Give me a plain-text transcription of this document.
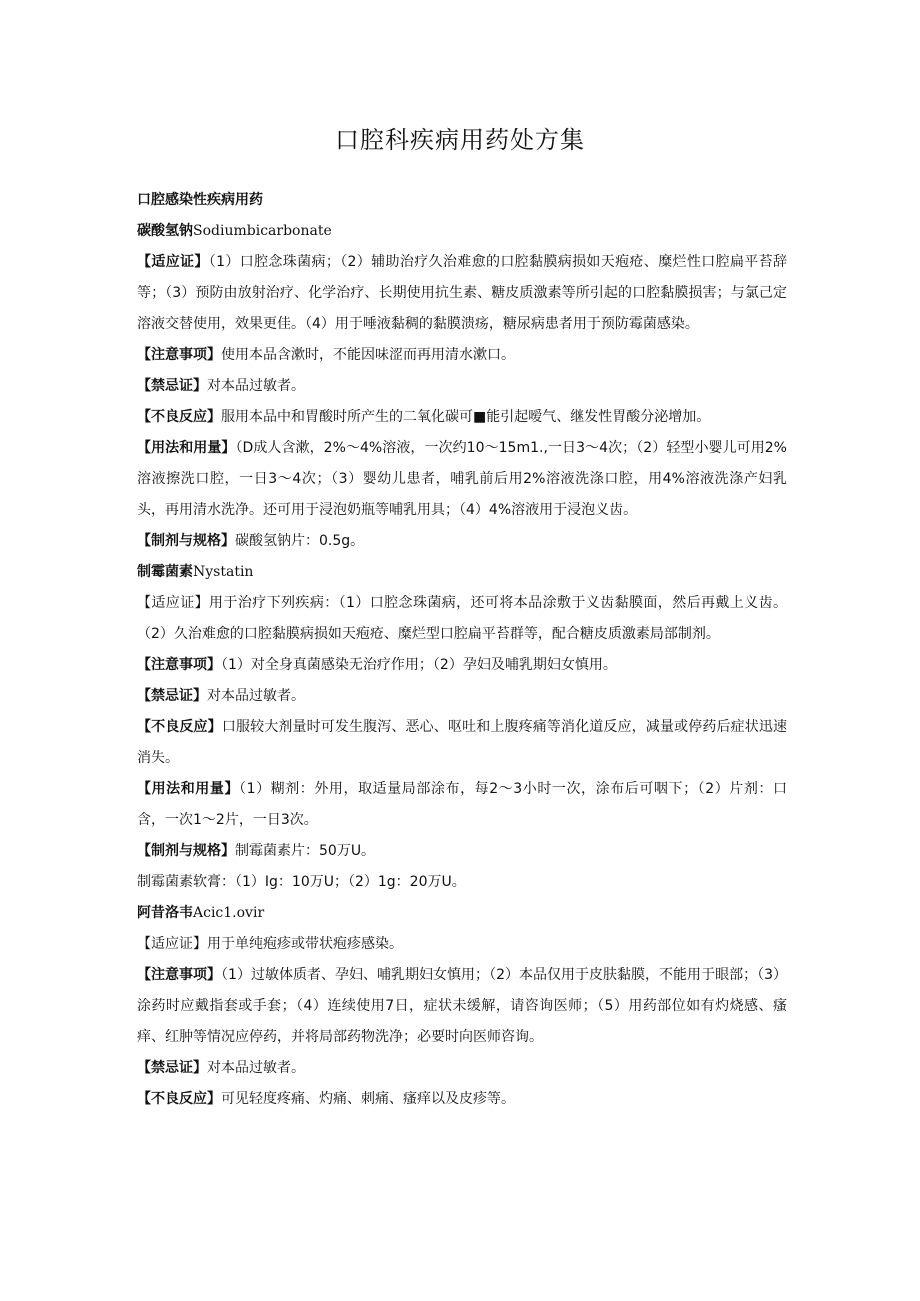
口腔科疾病用药处方集

口腔感染性疾病用药

碳酸氢钠Sodiumbicarbonate

【适应证】（1）口腔念珠菌病；（2）辅助治疗久治难愈的口腔黏膜病损如天疱疮、糜烂性口腔扁平苔辞等；（3）预防由放射治疗、化学治疗、长期使用抗生素、糖皮质激素等所引起的口腔黏膜损害；与氯己定溶液交替使用，效果更佳。（4）用于唾液黏稠的黏膜溃疡，糖尿病患者用于预防霉菌感染。

【注意事项】使用本品含漱时，不能因味涩而再用清水漱口。

【禁忌证】对本品过敏者。

【不良反应】服用本品中和胃酸时所产生的二氧化碳可■能引起嗳气、继发性胃酸分泌增加。

【用法和用量】（D成人含漱，2%～4%溶液，一次约10～15m1.,一日3～4次；（2）轻型小婴儿可用2%溶液擦洗口腔，一日3～4次；（3）婴幼儿患者，哺乳前后用2%溶液洗涤口腔，用4%溶液洗涤产妇乳头，再用清水洗净。还可用于浸泡奶瓶等哺乳用具；（4）4%溶液用于浸泡义齿。

【制剂与规格】碳酸氢钠片：0.5g。

制霉菌素Nystatin

【适应证】用于治疗下列疾病：（1）口腔念珠菌病，还可将本品涂敷于义齿黏膜面，然后再戴上义齿。（2）久治难愈的口腔黏膜病损如天疱疮、糜烂型口腔扁平苔群等，配合糖皮质激素局部制剂。

【注意事项】（1）对全身真菌感染无治疗作用；（2）孕妇及哺乳期妇女慎用。

【禁忌证】对本品过敏者。

【不良反应】口服较大剂量时可发生腹泻、恶心、呕吐和上腹疼痛等消化道反应，减量或停药后症状迅速消失。

【用法和用量】（1）糊剂：外用，取适量局部涂布，每2～3小时一次，涂布后可咽下；（2）片剂：口含，一次1～2片，一日3次。

【制剂与规格】制霉菌素片：50万U。

制霉菌素软膏：（1）Ig：10万U；（2）1g：20万U。

阿昔洛韦Acic1.ovir

【适应证】用于单纯疱疹或带状疱疹感染。

【注意事项】（1）过敏体质者、孕妇、哺乳期妇女慎用；（2）本品仅用于皮肤黏膜，不能用于眼部；（3）涂药时应戴指套或手套；（4）连续使用7日，症状未缓解，请咨询医师；（5）用药部位如有灼烧感、瘙痒、红肿等情况应停药，并将局部药物洗净；必要时向医师咨询。

【禁忌证】对本品过敏者。

【不良反应】可见轻度疼痛、灼痛、刺痛、瘙痒以及皮疹等。
